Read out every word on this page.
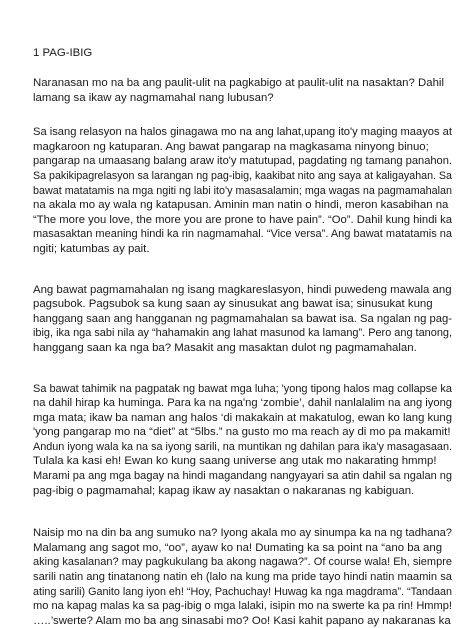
1 PAG-IBIG
Naranasan mo na ba ang paulit-ulit na pagkabigo at paulit-ulit na nasaktan? Dahil
lamang sa ikaw ay nagmamahal nang lubusan?
Sa isang relasyon na halos ginagawa mo na ang lahat,upang ito'y maging maayos at
magkaroon ng katuparan. Ang bawat pangarap na magkasama ninyong binuo;
pangarap na umaasang balang araw ito'y matutupad, pagdating ng tamang panahon.
Sa pakikipagrelasyon sa larangan ng pag-ibig, kaakibat nito ang saya at kaligayahan. Sa
bawat matatamis na mga ngiti ng labi ito'y masasalamin; mga wagas na pagmamahalan
na akala mo ay wala ng katapusan. Aminin man natin o hindi, meron kasabihan na
“The more you love, the more you are prone to have pain”. “Oo”. Dahil kung hindi ka
masasaktan meaning hindi ka rin nagmamahal. “Vice versa”. Ang bawat matatamis na
ngiti; katumbas ay pait.
Ang bawat pagmamahalan ng isang magkareslasyon, hindi puwedeng mawala ang
pagsubok. Pagsubok sa kung saan ay sinusukat ang bawat isa; sinusukat kung
hanggang saan ang hangganan ng pagmamahalan sa bawat isa. Sa ngalan ng pag-
ibig, ika nga sabi nila ay “hahamakin ang lahat masunod ka lamang”. Pero ang tanong,
hanggang saan ka nga ba? Masakit ang masaktan dulot ng pagmamahalan.
Sa bawat tahimik na pagpatak ng bawat mga luha; 'yong tipong halos mag collapse ka
na dahil hirap ka huminga. Para ka na nga'ng ‘zombie’, dahil nanlalalim na ang iyong
mga mata; ikaw ba naman ang halos ‘di makakain at makatulog, ewan ko lang kung
'yong pangarap mo na “diet” at “5lbs.” na gusto mo ma reach ay di mo pa makamit!
Andun iyong wala ka na sa iyong sarili, na muntikan ng dahilan para ika'y masagasaan.
Tulala ka kasi eh! Ewan ko kung saang universe ang utak mo nakarating hmmp!
Marami pa ang mga bagay na hindi magandang nangyayari sa atin dahil sa ngalan ng
pag-ibig o pagmamahal; kapag ikaw ay nasaktan o nakaranas ng kabiguan.
Naisip mo na din ba ang sumuko na? Iyong akala mo ay sinumpa ka na ng tadhana?
Malamang ang sagot mo, “oo”, ayaw ko na! Dumating ka sa point na “ano ba ang
aking kasalanan? may pagkukulang ba akong nagawa?”. Of course wala! Eh, siempre
sarili natin ang tinatanong natin eh (lalo na kung ma pride tayo hindi natin maamin sa
ating sarili) Ganito lang iyon eh! “Hoy, Pachuchay! Huwag ka nga magdrama”. “Tandaan
mo na kapag malas ka sa pag-ibig o mga lalaki, isipin mo na swerte ka pa rin! Hmmp!
…..’swerte? Alam mo ba ang sinasabi mo? Oo! Kasi kahit papano ay nakaranas ka
